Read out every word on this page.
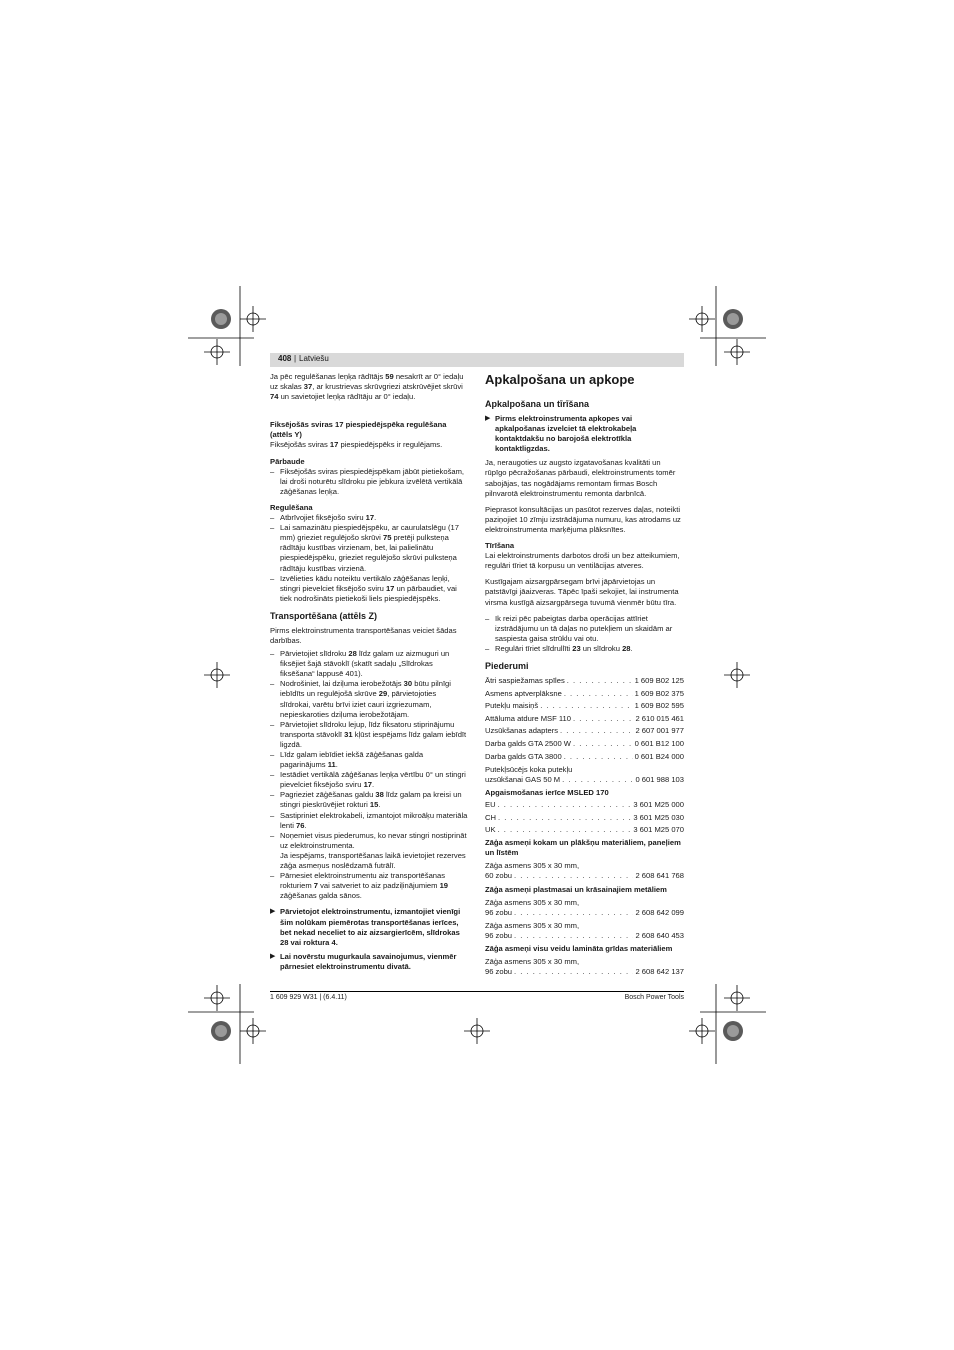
408 | Latviešu

Ja pēc regulēšanas leņķa rādītājs 59 nesakrīt ar 0° iedaļu uz skalas 37, ar krustrievas skrūvgriezi atskrūvējiet skrūvi 74 un savietojiet leņķa rādītāju ar 0° iedaļu.

Fiksējošās sviras 17 piespiedējspēka regulēšana (attēls Y)

Fiksējošās sviras 17 piespiedējspēks ir regulējams.

Pārbaude

– Fiksējošās sviras piespiedējspēkam jābūt pietiekošam, lai droši noturētu slīdroku pie jebkura izvēlētā vertikālā zāģēšanas leņķa.

Regulēšana

– Atbrīvojiet fiksējošo sviru 17.
– Lai samazinātu piespiedējspēku, ar caurulatslēgu (17 mm) grieziet regulējošo skrūvi 75 pretēji pulksteņa rādītāju kustības virzienam, bet, lai palielinātu piespiedējspēku, grieziet regulējošo skrūvi pulksteņa rādītāju kustības virzienā.
– Izvēlieties kādu noteiktu vertikālo zāģēšanas leņķi, stingri pievelciet fiksējošo sviru 17 un pārbaudiet, vai tiek nodrošināts pietiekoši liels piespiedējspēks.

Transportēšana (attēls Z)

Pirms elektroinstrumenta transportēšanas veiciet šādas darbības.

– Pārvietojiet slīdroku 28 līdz galam uz aizmuguri un fiksējiet šajā stāvoklī (skatīt sadaļu „Slīdrokas fiksēšana“ lappusē 401).
– Nodrošiniet, lai dziļuma ierobežotājs 30 būtu pilnīgi iebīdīts un regulējošā skrūve 29, pārvietojoties slīdrokai, varētu brīvi iziet cauri izgriezumam, nepieskaroties dziļuma ierobežotājam.
– Pārvietojiet slīdroku lejup, līdz fiksatoru stiprinājumu transporta stāvoklī 31 kļūst iespējams līdz galam iebīdīt ligzdā.
– Līdz galam iebīdiet iekšā zāģēšanas galda pagarinājums 11.
– Iestādiet vertikālā zāģēšanas leņķa vērtību 0° un stingri pievelciet fiksējošo sviru 17.
– Pagrieziet zāģēšanas galdu 38 līdz galam pa kreisi un stingri pieskrūvējiet rokturi 15.
– Sastipriniet elektrokabeli, izmantojot mikroāķu materiāla lenti 76.
– Noņemiet visus piederumus, ko nevar stingri nostiprināt uz elektroinstrumenta.
Ja iespējams, transportēšanas laikā ievietojiet rezerves zāģa asmeņus noslēdzamā futrālī.
– Pārnesiet elektroinstrumentu aiz transportēšanas rokturiem 7 vai satveriet to aiz padziļinājumiem 19 zāģēšanas galda sānos.
▶ Pārvietojot elektroinstrumentu, izmantojiet vienīgi šim nolūkam piemērotas transportēšanas ierīces, bet nekad neceliet to aiz aizsargierīcēm, slīdrokas 28 vai roktura 4.
▶ Lai novērstu mugurkaula savainojumus, vienmēr pārnesiet elektroinstrumentu divatā.

Apkalpošana un apkope

Apkalpošana un tīrīšana

▶ Pirms elektroinstrumenta apkopes vai apkalpošanas izvelciet tā elektrokabeļa kontaktdakšu no barojošā elektrotīkla kontaktligzdas.

Ja, neraugoties uz augsto izgatavošanas kvalitāti un rūpīgo pēcražošanas pārbaudi, elektroinstruments tomēr sabojājas, tas nogādājams remontam firmas Bosch pilnvarotā elektroinstrumentu remonta darbnīcā.

Pieprasot konsultācijas un pasūtot rezerves daļas, noteikti paziņojiet 10 zīmju izstrādājuma numuru, kas atrodams uz elektroinstrumenta marķējuma plāksnītes.

Tīrīšana

Lai elektroinstruments darbotos droši un bez atteikumiem, regulāri tīriet tā korpusu un ventilācijas atveres.

Kustīgajam aizsargpārsegam brīvi jāpārvietojas un patstāvīgi jāaizveras. Tāpēc īpaši sekojiet, lai instrumenta virsma kustīgā aizsargpārsega tuvumā vienmēr būtu tīra.

– Ik reizi pēc pabeigtas darba operācijas attīriet izstrādājumu un tā daļas no putekļiem un skaidām ar saspiesta gaisa strūklu vai otu.
– Regulāri tīriet slīdrullīti 23 un slīdroku 28.

Piederumi

Ātri saspiežamas spīles . . .	1 609 B02 125
Asmens aptverplāksne . . .	1 609 B02 375
Putekļu maisiņš . . .	1 609 B02 595
Attāluma atdure MSF 110 . . .	2 610 015 461
Uzsūkšanas adapters . . .	2 607 001 977
Darba galds GTA 2500 W . . .	0 601 B12 100
Darba galds GTA 3800 . . .	0 601 B24 000
Putekļsūcējs koka putekļu
uzsūkšanai GAS 50 M . . .	0 601 988 103
Apgaismošanas ierīce MSLED 170
EU . . .	3 601 M25 000
CH . . .	3 601 M25 030
UK . . .	3 601 M25 070
Zāģa asmeņi kokam un plākšņu materiāliem, paneļiem un līstēm
Zāģa asmens 305 x 30 mm,
60 zobu . . .	2 608 641 768
Zāģa asmeņi plastmasai un krāsainajiem metāliem
Zāģa asmens 305 x 30 mm,
96 zobu . . .	2 608 642 099
Zāģa asmens 305 x 30 mm,
96 zobu . . .	2 608 640 453
Zāģa asmeņi visu veidu lamināta grīdas materiāliem
Zāģa asmens 305 x 30 mm,
96 zobu . . .	2 608 642 137
1 609 929 W31 | (6.4.11)	Bosch Power Tools
